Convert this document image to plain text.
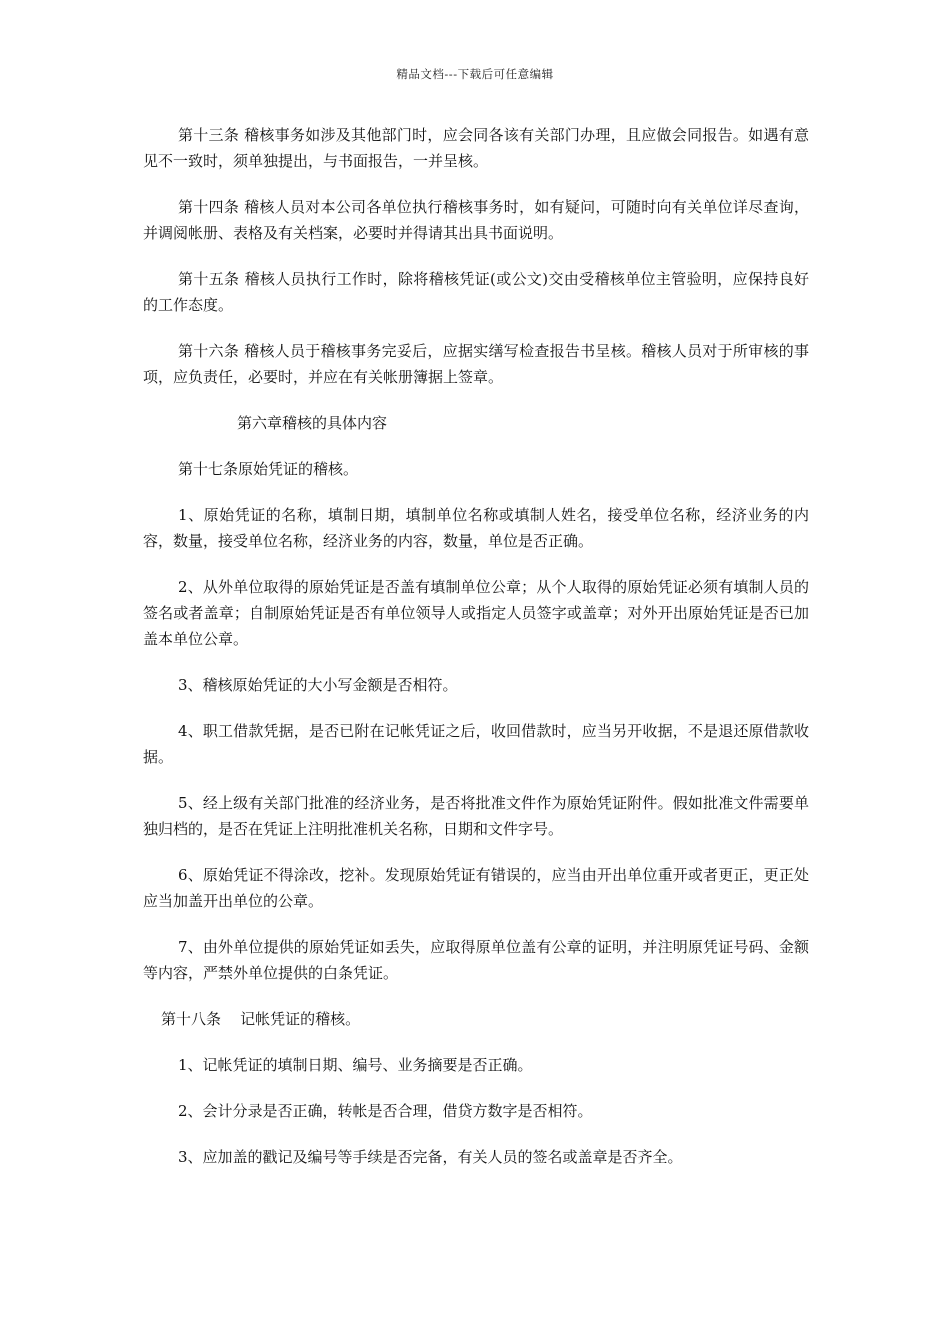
精品文档---下载后可任意编辑

第十三条 稽核事务如涉及其他部门时，应会同各该有关部门办理，且应做会同报告。如遇有意见不一致时，须单独提出，与书面报告，一并呈核。

第十四条 稽核人员对本公司各单位执行稽核事务时，如有疑问，可随时向有关单位详尽查询，并调阅帐册、表格及有关档案，必要时并得请其出具书面说明。

第十五条 稽核人员执行工作时，除将稽核凭证(或公文)交由受稽核单位主管验明，应保持良好的工作态度。

第十六条 稽核人员于稽核事务完妥后，应据实缮写检查报告书呈核。稽核人员对于所审核的事项，应负责任，必要时，并应在有关帐册簿据上签章。

第六章稽核的具体内容

第十七条原始凭证的稽核。

1、原始凭证的名称，填制日期，填制单位名称或填制人姓名，接受单位名称，经济业务的内容，数量，接受单位名称，经济业务的内容，数量，单位是否正确。

2、从外单位取得的原始凭证是否盖有填制单位公章；从个人取得的原始凭证必须有填制人员的签名或者盖章；自制原始凭证是否有单位领导人或指定人员签字或盖章；对外开出原始凭证是否已加盖本单位公章。

3、稽核原始凭证的大小写金额是否相符。

4、职工借款凭据，是否已附在记帐凭证之后，收回借款时，应当另开收据，不是退还原借款收据。

5、经上级有关部门批准的经济业务，是否将批准文件作为原始凭证附件。假如批准文件需要单独归档的，是否在凭证上注明批准机关名称，日期和文件字号。

6、原始凭证不得涂改，挖补。发现原始凭证有错误的，应当由开出单位重开或者更正，更正处应当加盖开出单位的公章。

7、由外单位提供的原始凭证如丢失，应取得原单位盖有公章的证明，并注明原凭证号码、金额等内容，严禁外单位提供的白条凭证。

第十八条    记帐凭证的稽核。

1、记帐凭证的填制日期、编号、业务摘要是否正确。

2、会计分录是否正确，转帐是否合理，借贷方数字是否相符。

3、应加盖的戳记及编号等手续是否完备，有关人员的签名或盖章是否齐全。
